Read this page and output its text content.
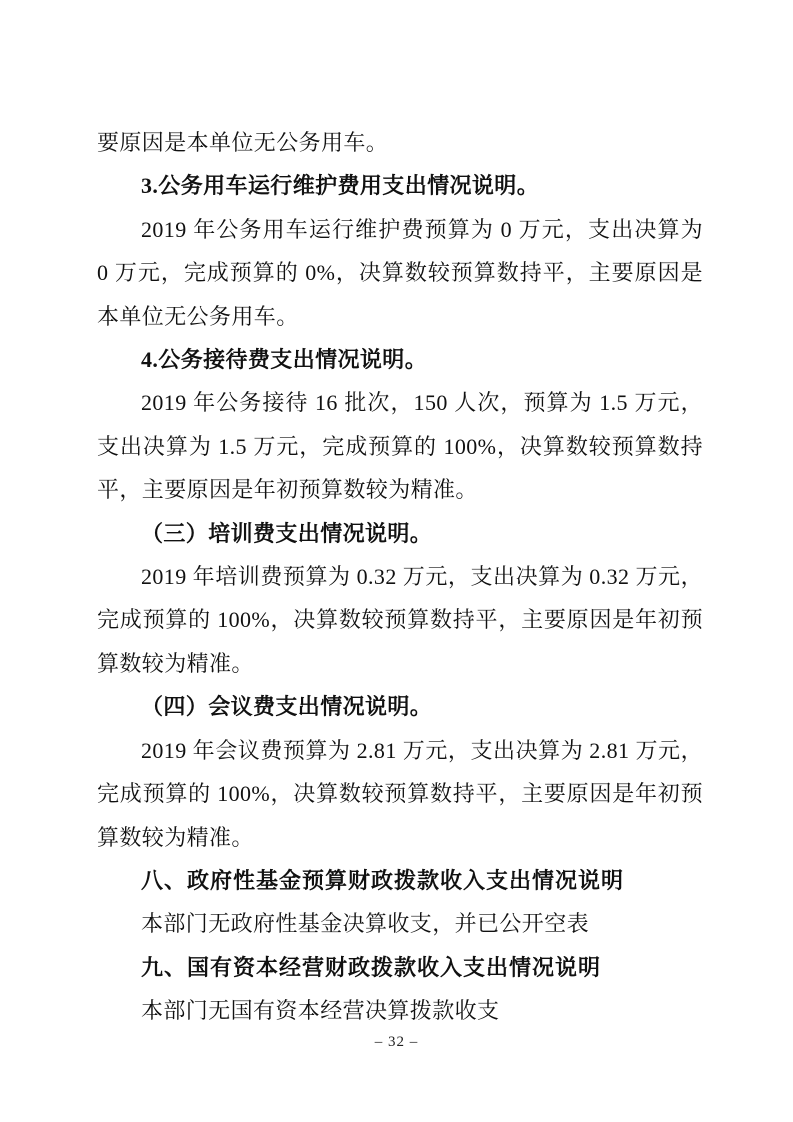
要原因是本单位无公务用车。

3.公务用车运行维护费用支出情况说明。

2019 年公务用车运行维护费预算为 0 万元，支出决算为 0 万元，完成预算的 0%，决算数较预算数持平，主要原因是本单位无公务用车。

4.公务接待费支出情况说明。

2019 年公务接待 16 批次，150 人次，预算为 1.5 万元，支出决算为 1.5 万元，完成预算的 100%，决算数较预算数持平，主要原因是年初预算数较为精准。

（三）培训费支出情况说明。

2019 年培训费预算为 0.32 万元，支出决算为 0.32 万元，完成预算的 100%，决算数较预算数持平，主要原因是年初预算数较为精准。

（四）会议费支出情况说明。

2019 年会议费预算为 2.81 万元，支出决算为 2.81 万元，完成预算的 100%，决算数较预算数持平，主要原因是年初预算数较为精准。

八、政府性基金预算财政拨款收入支出情况说明

本部门无政府性基金决算收支，并已公开空表

九、国有资本经营财政拨款收入支出情况说明

本部门无国有资本经营决算拨款收支

– 32 –
